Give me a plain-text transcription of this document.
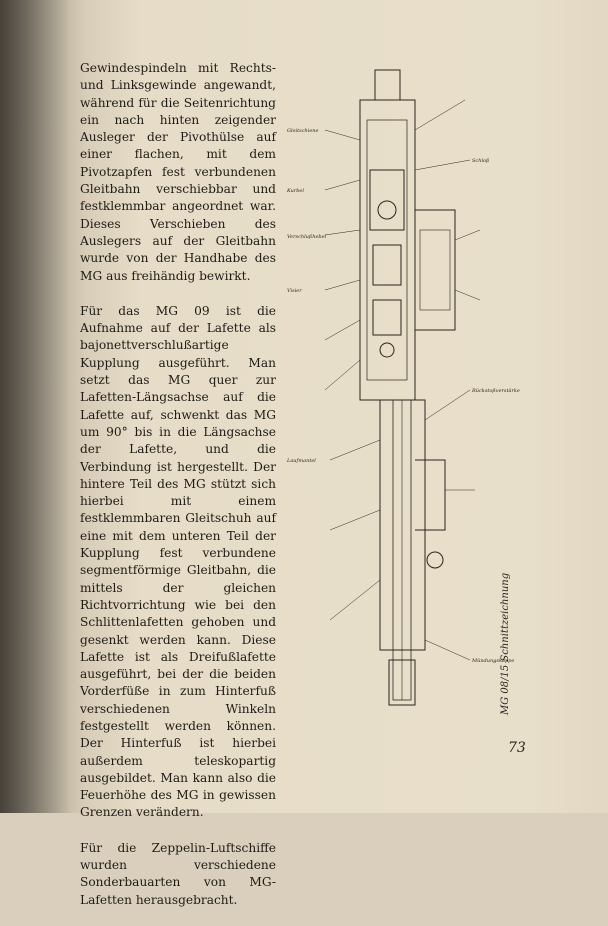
Gewindespindeln mit Rechts- und Linksgewinde angewandt, während für die Seitenrichtung ein nach hinten zeigender Ausleger der Pivothülse auf einer flachen, mit dem Pivotzapfen fest verbundenen Gleitbahn verschiebbar und festklemmbar angeordnet war. Dieses Verschieben des Auslegers auf der Gleitbahn wurde von der Handhabe des MG aus freihändig bewirkt.

Für das MG 09 ist die Aufnahme auf der Lafette als bajonettverschlußartige Kupplung ausgeführt. Man setzt das MG quer zur Lafetten-Längsachse auf die Lafette auf, schwenkt das MG um 90° bis in die Längsachse der Lafette, und die Verbindung ist hergestellt. Der hintere Teil des MG stützt sich hierbei mit einem festklemmbaren Gleitschuh auf eine mit dem unteren Teil der Kupplung fest verbundene segmentförmige Gleitbahn, die mittels der gleichen Richtvorrichtung wie bei den Schlittenlafetten gehoben und gesenkt werden kann. Diese Lafette ist als Dreifußlafette ausgeführt, bei der die beiden Vorderfüße in zum Hinterfuß verschiedenen Winkeln festgestellt werden können. Der Hinterfuß ist hierbei außerdem teleskopartig ausgebildet. Man kann also die Feuerhöhe des MG in gewissen Grenzen verändern.

Für die Zeppelin-Luftschiffe wurden verschiedene Sonderbauarten von MG-Lafetten herausgebracht.

Gleitschiene
Kurbel
Verschlußhebel
Visier
Laufmantel
Schloß
Rückstoßverstärker
Mündungskappe
MG 08/15 Schnittzeichnung
73
